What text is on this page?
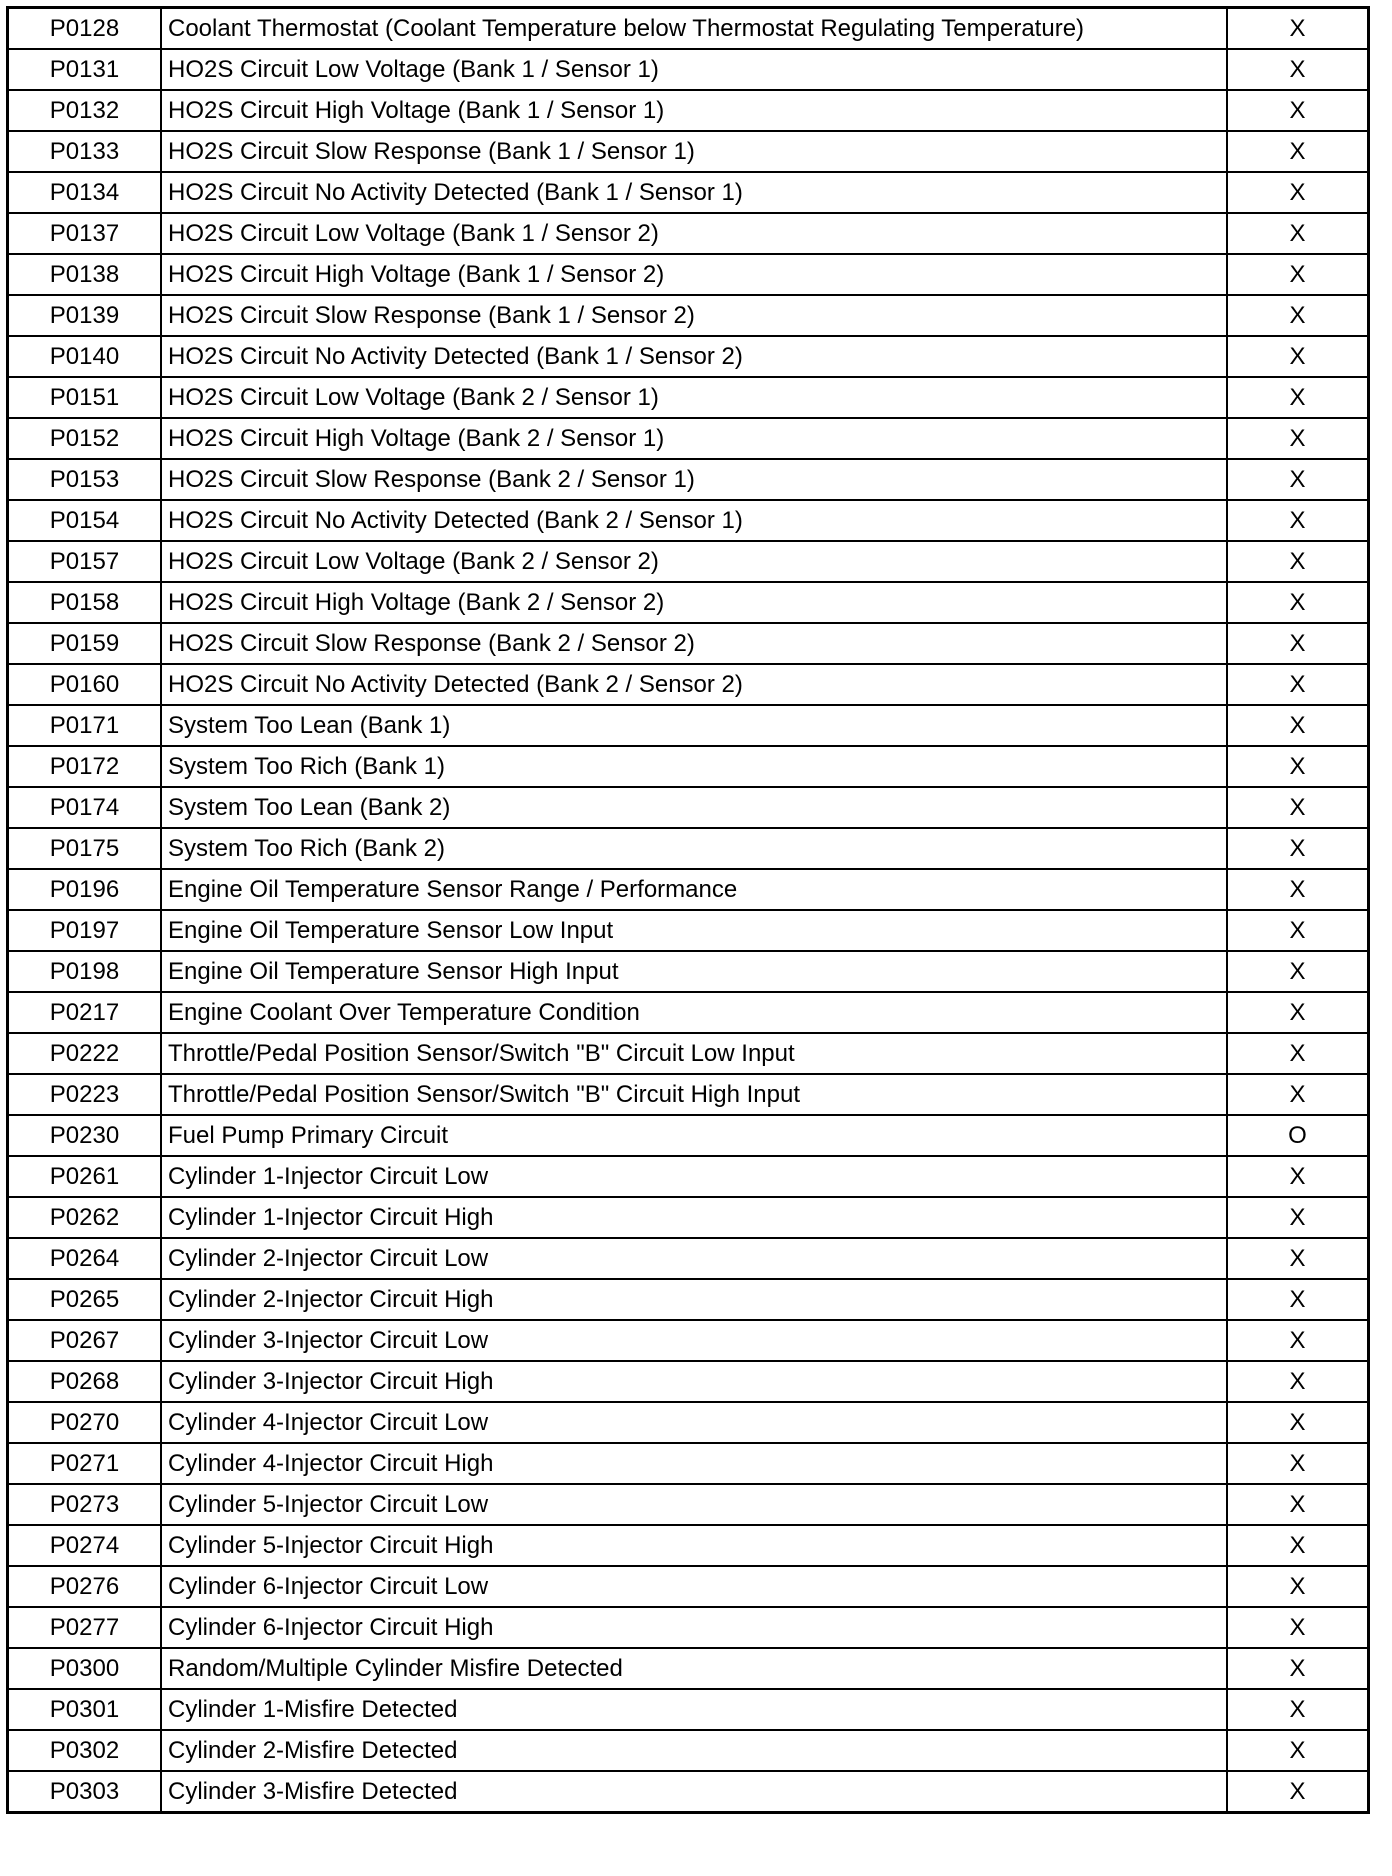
P0128	Coolant Thermostat (Coolant Temperature below Thermostat Regulating Temperature)	X
P0131	HO2S Circuit Low Voltage (Bank 1 / Sensor 1)	X
P0132	HO2S Circuit High Voltage (Bank 1 / Sensor 1)	X
P0133	HO2S Circuit Slow Response (Bank 1 / Sensor 1)	X
P0134	HO2S Circuit No Activity Detected (Bank 1 / Sensor 1)	X
P0137	HO2S Circuit Low Voltage (Bank 1 / Sensor 2)	X
P0138	HO2S Circuit High Voltage (Bank 1 / Sensor 2)	X
P0139	HO2S Circuit Slow Response (Bank 1 / Sensor 2)	X
P0140	HO2S Circuit No Activity Detected (Bank 1 / Sensor 2)	X
P0151	HO2S Circuit Low Voltage (Bank 2 / Sensor 1)	X
P0152	HO2S Circuit High Voltage (Bank 2 / Sensor 1)	X
P0153	HO2S Circuit Slow Response (Bank 2 / Sensor 1)	X
P0154	HO2S Circuit No Activity Detected (Bank 2 / Sensor 1)	X
P0157	HO2S Circuit Low Voltage (Bank 2 / Sensor 2)	X
P0158	HO2S Circuit High Voltage (Bank 2 / Sensor 2)	X
P0159	HO2S Circuit Slow Response (Bank 2 / Sensor 2)	X
P0160	HO2S Circuit No Activity Detected (Bank 2 / Sensor 2)	X
P0171	System Too Lean (Bank 1)	X
P0172	System Too Rich (Bank 1)	X
P0174	System Too Lean (Bank 2)	X
P0175	System Too Rich (Bank 2)	X
P0196	Engine Oil Temperature Sensor Range / Performance	X
P0197	Engine Oil Temperature Sensor Low Input	X
P0198	Engine Oil Temperature Sensor High Input	X
P0217	Engine Coolant Over Temperature Condition	X
P0222	Throttle/Pedal Position Sensor/Switch "B" Circuit Low Input	X
P0223	Throttle/Pedal Position Sensor/Switch "B" Circuit High Input	X
P0230	Fuel Pump Primary Circuit	O
P0261	Cylinder 1-Injector Circuit Low	X
P0262	Cylinder 1-Injector Circuit High	X
P0264	Cylinder 2-Injector Circuit Low	X
P0265	Cylinder 2-Injector Circuit High	X
P0267	Cylinder 3-Injector Circuit Low	X
P0268	Cylinder 3-Injector Circuit High	X
P0270	Cylinder 4-Injector Circuit Low	X
P0271	Cylinder 4-Injector Circuit High	X
P0273	Cylinder 5-Injector Circuit Low	X
P0274	Cylinder 5-Injector Circuit High	X
P0276	Cylinder 6-Injector Circuit Low	X
P0277	Cylinder 6-Injector Circuit High	X
P0300	Random/Multiple Cylinder Misfire Detected	X
P0301	Cylinder 1-Misfire Detected	X
P0302	Cylinder 2-Misfire Detected	X
P0303	Cylinder 3-Misfire Detected	X
